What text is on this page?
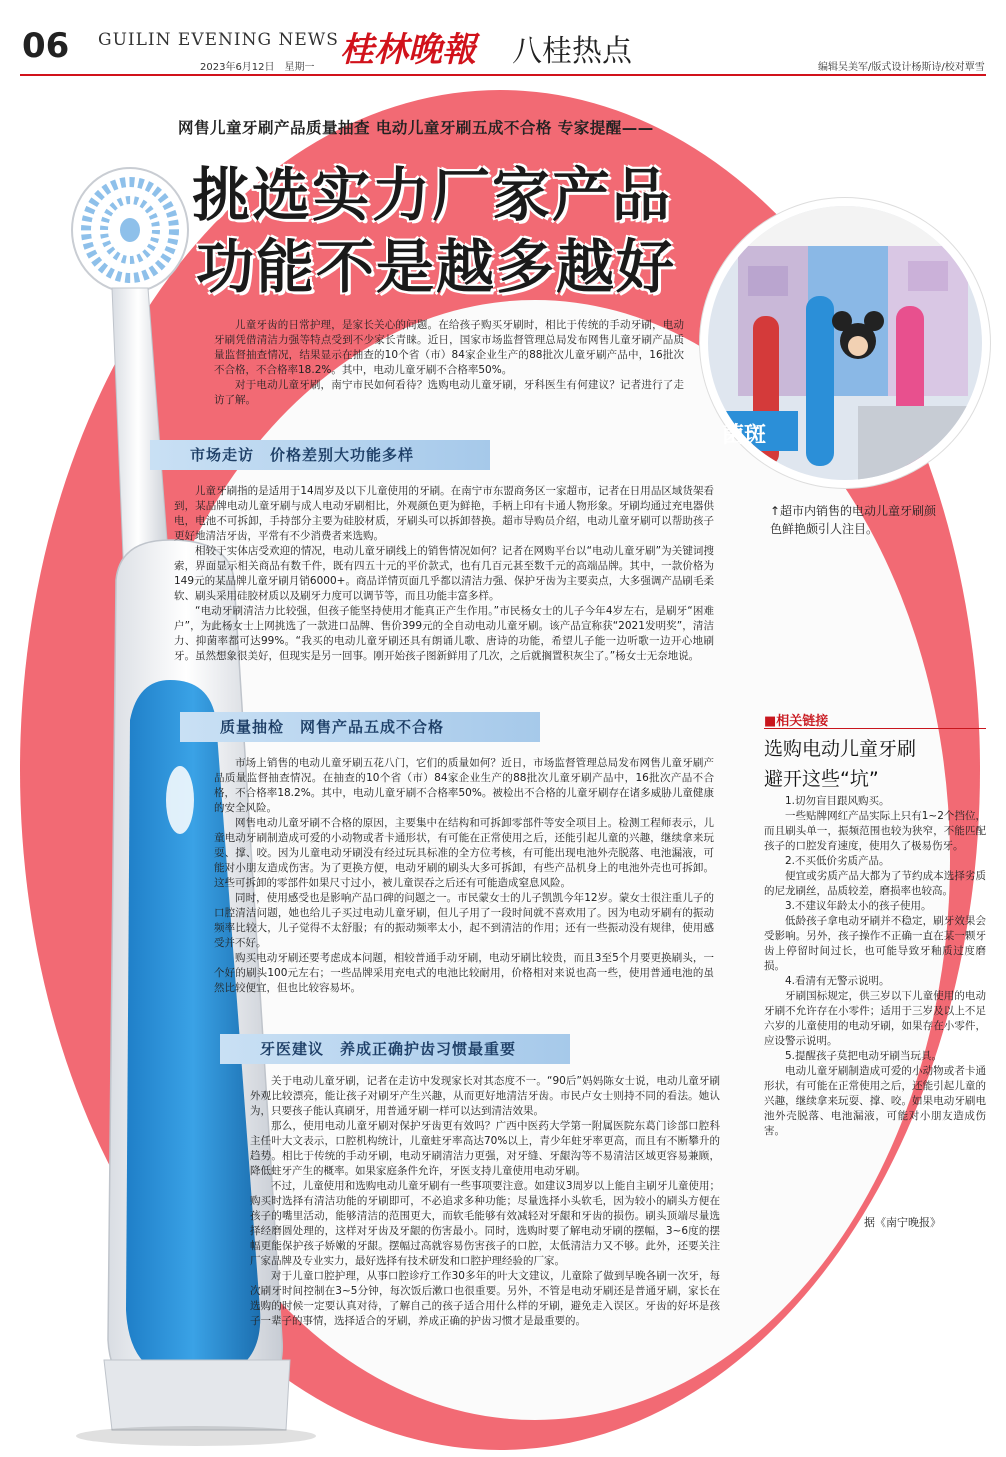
06 GUILIN EVENING NEWS
2023年6月12日　星期一 桂林晚報 八桂热点	编辑吴美军/版式设计杨斯诗/校对覃雪
网售儿童牙刷产品质量抽查 电动儿童牙刷五成不合格 专家提醒——
挑选实力厂家产品
功能不是越多越好
菌斑
↑超市内销售的电动儿童牙刷颜色鲜艳颇引人注目。

儿童牙齿的日常护理，是家长关心的问题。在给孩子购买牙刷时，相比于传统的手动牙刷，电动牙刷凭借清洁力强等特点受到不少家长青睐。近日，国家市场监督管理总局发布网售儿童牙刷产品质量监督抽查情况，结果显示在抽查的10个省（市）84家企业生产的88批次儿童牙刷产品中，16批次不合格，不合格率18.2%。其中，电动儿童牙刷不合格率50%。

对于电动儿童牙刷，南宁市民如何看待？选购电动儿童牙刷，牙科医生有何建议？记者进行了走访了解。

市场走访　价格差别大功能多样

儿童牙刷指的是适用于14周岁及以下儿童使用的牙刷。在南宁市东盟商务区一家超市，记者在日用品区域货架看到，某品牌电动儿童牙刷与成人电动牙刷相比，外观颜色更为鲜艳，手柄上印有卡通人物形象。牙刷均通过充电器供电，电池不可拆卸，手持部分主要为硅胶材质，牙刷头可以拆卸替换。超市导购员介绍，电动儿童牙刷可以帮助孩子更好地清洁牙齿，平常有不少消费者来选购。

相较于实体店受欢迎的情况，电动儿童牙刷线上的销售情况如何？记者在网购平台以“电动儿童牙刷”为关键词搜索，界面显示相关商品有数千件，既有四五十元的平价款式，也有几百元甚至数千元的高端品牌。其中，一款价格为149元的某品牌儿童牙刷月销6000+。商品详情页面几乎都以清洁力强、保护牙齿为主要卖点，大多强调产品刷毛柔软、刷头采用硅胶材质以及刷牙力度可以调节等，而且功能丰富多样。

“电动牙刷清洁力比较强，但孩子能坚持使用才能真正产生作用。”市民杨女士的儿子今年4岁左右，是刷牙“困难户”，为此杨女士上网挑选了一款进口品牌、售价399元的全自动电动儿童牙刷。该产品宣称获“2021发明奖”，清洁力、抑菌率都可达99%。“我买的电动儿童牙刷还具有朗诵儿歌、唐诗的功能，希望儿子能一边听歌一边开心地刷牙。虽然想象很美好，但现实是另一回事。刚开始孩子图新鲜用了几次，之后就搁置积灰尘了。”杨女士无奈地说。

质量抽检　网售产品五成不合格

市场上销售的电动儿童牙刷五花八门，它们的质量如何？近日，市场监督管理总局发布网售儿童牙刷产品质量监督抽查情况。在抽查的10个省（市）84家企业生产的88批次儿童牙刷产品中，16批次产品不合格，不合格率18.2%。其中，电动儿童牙刷不合格率50%。被检出不合格的儿童牙刷存在诸多威胁儿童健康的安全风险。

网售电动儿童牙刷不合格的原因，主要集中在结构和可拆卸零部件等安全项目上。检测工程师表示，儿童电动牙刷制造成可爱的小动物或者卡通形状，有可能在正常使用之后，还能引起儿童的兴趣，继续拿来玩耍、撑、咬。因为儿童电动牙刷没有经过玩具标准的全方位考核，有可能出现电池外壳脱落、电池漏液，可能对小朋友造成伤害。为了更换方便，电动牙刷的刷头大多可拆卸，有些产品机身上的电池外壳也可拆卸。这些可拆卸的零部件如果尺寸过小，被儿童误吞之后还有可能造成窒息风险。

同时，使用感受也是影响产品口碑的问题之一。市民蒙女士的儿子凯凯今年12岁。蒙女士很注重儿子的口腔清洁问题，她也给儿子买过电动儿童牙刷，但儿子用了一段时间就不喜欢用了。因为电动牙刷有的振动频率比较大，儿子觉得不太舒服；有的振动频率太小，起不到清洁的作用；还有一些振动没有规律，使用感受并不好。

购买电动牙刷还要考虑成本问题，相较普通手动牙刷，电动牙刷比较贵，而且3至5个月要更换刷头，一个好的刷头100元左右；一些品牌采用充电式的电池比较耐用，价格相对来说也高一些，使用普通电池的虽然比较便宜，但也比较容易坏。

牙医建议　养成正确护齿习惯最重要

关于电动儿童牙刷，记者在走访中发现家长对其态度不一。“90后”妈妈陈女士说，电动儿童牙刷外观比较漂亮，能让孩子对刷牙产生兴趣，从而更好地清洁牙齿。市民卢女士则持不同的看法。她认为，只要孩子能认真刷牙，用普通牙刷一样可以达到清洁效果。

那么，使用电动儿童牙刷对保护牙齿更有效吗？广西中医药大学第一附属医院东葛门诊部口腔科主任叶大文表示，口腔机构统计，儿童蛀牙率高达70%以上，青少年蛀牙率更高，而且有不断攀升的趋势。相比于传统的手动牙刷，电动牙刷清洁力更强，对牙缝、牙龈沟等不易清洁区域更容易兼顾，降低蛀牙产生的概率。如果家庭条件允许，牙医支持儿童使用电动牙刷。

不过，儿童使用和选购电动儿童牙刷有一些事项要注意。如建议3周岁以上能自主刷牙儿童使用；购买时选择有清洁功能的牙刷即可，不必追求多种功能；尽量选择小头软毛，因为较小的刷头方便在孩子的嘴里活动，能够清洁的范围更大，而软毛能够有效减轻对牙龈和牙齿的损伤。刷头顶端尽量选择经磨圆处理的，这样对牙齿及牙龈的伤害最小。同时，选购时要了解电动牙刷的摆幅，3~6度的摆幅更能保护孩子娇嫩的牙龈。摆幅过高就容易伤害孩子的口腔，太低清洁力又不够。此外，还要关注厂家品牌及专业实力，最好选择有技术研发和口腔护理经验的厂家。

对于儿童口腔护理，从事口腔诊疗工作30多年的叶大文建议，儿童除了做到早晚各刷一次牙，每次刷牙时间控制在3~5分钟，每次饭后漱口也很重要。另外，不管是电动牙刷还是普通牙刷，家长在选购的时候一定要认真对待，了解自己的孩子适合用什么样的牙刷，避免走入误区。牙齿的好坏是孩子一辈子的事情，选择适合的牙刷，养成正确的护齿习惯才是最重要的。

■相关链接
选购电动儿童牙刷
避开这些“坑”

1.切勿盲目跟风购买。

一些贴牌网红产品实际上只有1~2个挡位，而且刷头单一，振频范围也较为狭窄，不能匹配孩子的口腔发育速度，使用久了极易伤牙。

2.不买低价劣质产品。

便宜或劣质产品大都为了节约成本选择劣质的尼龙刷丝，品质较差，磨损率也较高。

3.不建议年龄太小的孩子使用。

低龄孩子拿电动牙刷并不稳定，刷牙效果会受影响。另外，孩子操作不正确一直在某一颗牙齿上停留时间过长，也可能导致牙釉质过度磨损。

4.看清有无警示说明。

牙刷国标规定，供三岁以下儿童使用的电动牙刷不允许存在小零件；适用于三岁及以上不足六岁的儿童使用的电动牙刷，如果存在小零件，应设警示说明。

5.提醒孩子莫把电动牙刷当玩具。

电动儿童牙刷制造成可爱的小动物或者卡通形状，有可能在正常使用之后，还能引起儿童的兴趣，继续拿来玩耍、撑、咬。如果电动牙刷电池外壳脱落、电池漏液，可能对小朋友造成伤害。

据《南宁晚报》
